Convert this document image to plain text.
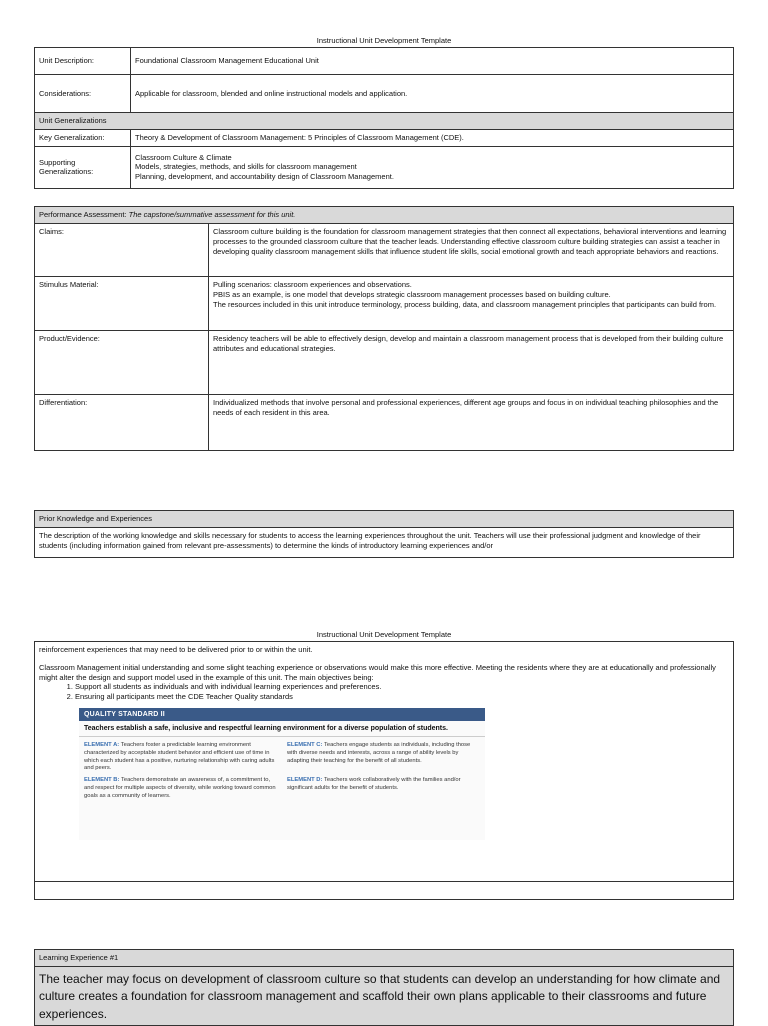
Instructional Unit Development Template
Unit Description:	Foundational Classroom Management Educational Unit
Considerations:	Applicable for classroom, blended and online instructional models and application.
Unit Generalizations	
Key Generalization:	Theory & Development of Classroom Management: 5 Principles of Classroom Management (CDE).
Supporting Generalizations:	Classroom Culture & Climate
Models, strategies, methods, and skills for classroom management
Planning, development, and accountability design of Classroom Management.
Performance Assessment: The capstone/summative assessment for this unit.	
Claims:	Classroom culture building is the foundation for classroom management strategies that then connect all expectations, behavioral interventions and learning processes to the grounded classroom culture that the teacher leads. Understanding effective classroom culture building strategies can assist a teacher in developing quality classroom management skills that influence student life skills, social emotional growth and teach appropriate behaviors and reactions.
Stimulus Material:	Pulling scenarios: classroom experiences and observations.
PBIS as an example, is one model that develops strategic classroom management processes based on building culture.
The resources included in this unit introduce terminology, process building, data, and classroom management principles that participants can build from.

Product/Evidence:	Residency teachers will be able to effectively design, develop and maintain a classroom management process that is developed from their building culture attributes and educational strategies.
Differentiation:	Individualized methods that involve personal and professional experiences, different age groups and focus in on individual teaching philosophies and the needs of each resident in this area.
Prior Knowledge and Experiences
The description of the working knowledge and skills necessary for students to access the learning experiences throughout the unit. Teachers will use their professional judgment and knowledge of their students (including information gained from relevant pre-assessments) to determine the kinds of introductory learning experiences and/or
Instructional Unit Development Template
reinforcement experiences that may need to be delivered prior to or within the unit.
Classroom Management initial understanding and some slight teaching experience or observations would make this more effective. Meeting the residents where they are at educationally and professionally might alter the design and support model used in the example of this unit. The main objectives being:
1. Support all students as individuals and with individual learning experiences and preferences.
2. Ensuring all participants meet the CDE Teacher Quality standards
QUALITY STANDARD II
Teachers establish a safe, inclusive and respectful learning environment for a diverse population of students.
ELEMENT A: Teachers foster a predictable learning environment characterized by acceptable student behavior and efficient use of time in which each student has a positive, nurturing relationship with caring adults and peers.
ELEMENT C: Teachers engage students as individuals, including those with diverse needs and interests, across a range of ability levels by adapting their teaching for the benefit of all students.
ELEMENT B: Teachers demonstrate an awareness of, a commitment to, and respect for multiple aspects of diversity, while working toward common goals as a community of learners.
ELEMENT D: Teachers work collaboratively with the families and/or significant adults for the benefit of students.

Learning Experience #1
The teacher may focus on development of classroom culture so that students can develop an understanding for how climate and culture creates a foundation for classroom management and scaffold their own plans applicable to their classrooms and future experiences.
